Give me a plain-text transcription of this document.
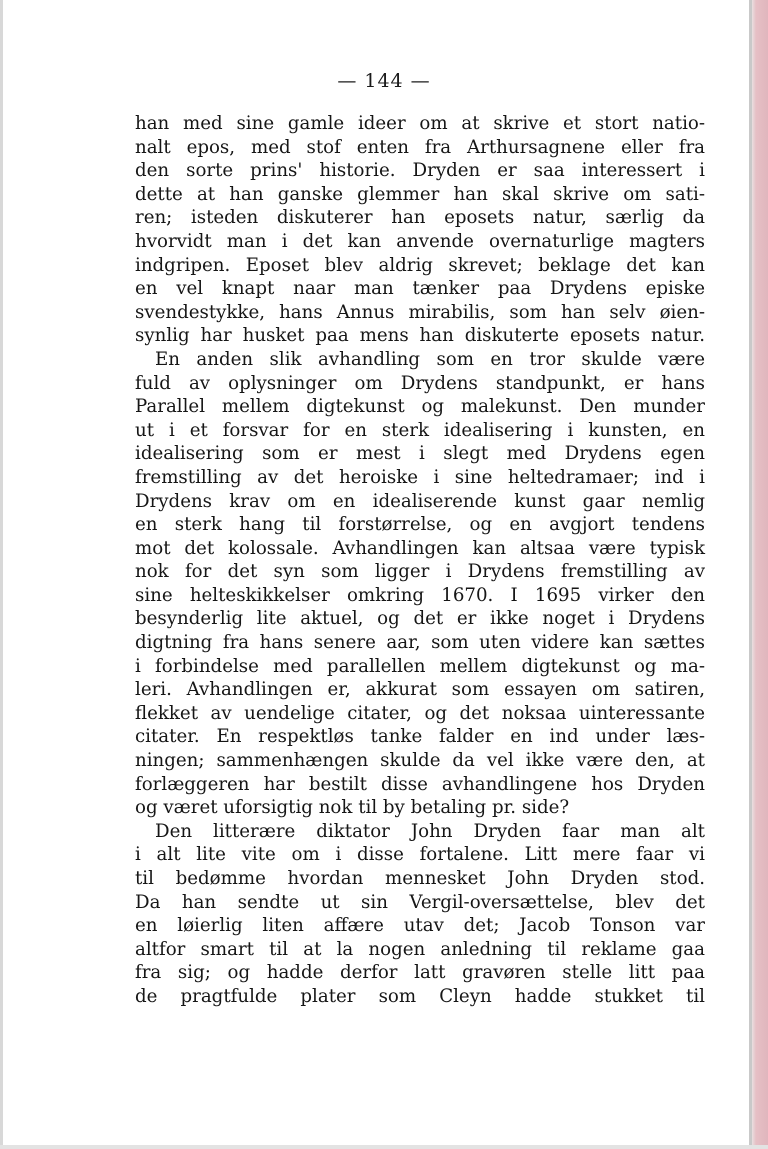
— 144 —
han med sine gamle ideer om at skrive et stort natio-
nalt epos, med stof enten fra Arthursagnene eller fra
den sorte prins' historie. Dryden er saa interessert i
dette at han ganske glemmer han skal skrive om sati-
ren; isteden diskuterer han eposets natur, særlig da
hvorvidt man i det kan anvende overnaturlige magters
indgripen. Eposet blev aldrig skrevet; beklage det kan
en vel knapt naar man tænker paa Drydens episke
svendestykke, hans Annus mirabilis, som han selv øien-
synlig har husket paa mens han diskuterte eposets natur.
En anden slik avhandling som en tror skulde være
fuld av oplysninger om Drydens standpunkt, er hans
Parallel mellem digtekunst og malekunst. Den munder
ut i et forsvar for en sterk idealisering i kunsten, en
idealisering som er mest i slegt med Drydens egen
fremstilling av det heroiske i sine heltedramaer; ind i
Drydens krav om en idealiserende kunst gaar nemlig
en sterk hang til forstørrelse, og en avgjort tendens
mot det kolossale. Avhandlingen kan altsaa være typisk
nok for det syn som ligger i Drydens fremstilling av
sine helteskikkelser omkring 1670. I 1695 virker den
besynderlig lite aktuel, og det er ikke noget i Drydens
digtning fra hans senere aar, som uten videre kan sættes
i forbindelse med parallellen mellem digtekunst og ma-
leri. Avhandlingen er, akkurat som essayen om satiren,
flekket av uendelige citater, og det noksaa uinteressante
citater. En respektløs tanke falder en ind under læs-
ningen; sammenhængen skulde da vel ikke være den, at
forlæggeren har bestilt disse avhandlingene hos Dryden
og været uforsigtig nok til by betaling pr. side?
Den litterære diktator John Dryden faar man alt
i alt lite vite om i disse fortalene. Litt mere faar vi
til bedømme hvordan mennesket John Dryden stod.
Da han sendte ut sin Vergil-oversættelse, blev det
en løierlig liten affære utav det; Jacob Tonson var
altfor smart til at la nogen anledning til reklame gaa
fra sig; og hadde derfor latt gravøren stelle litt paa
de pragtfulde plater som Cleyn hadde stukket til
